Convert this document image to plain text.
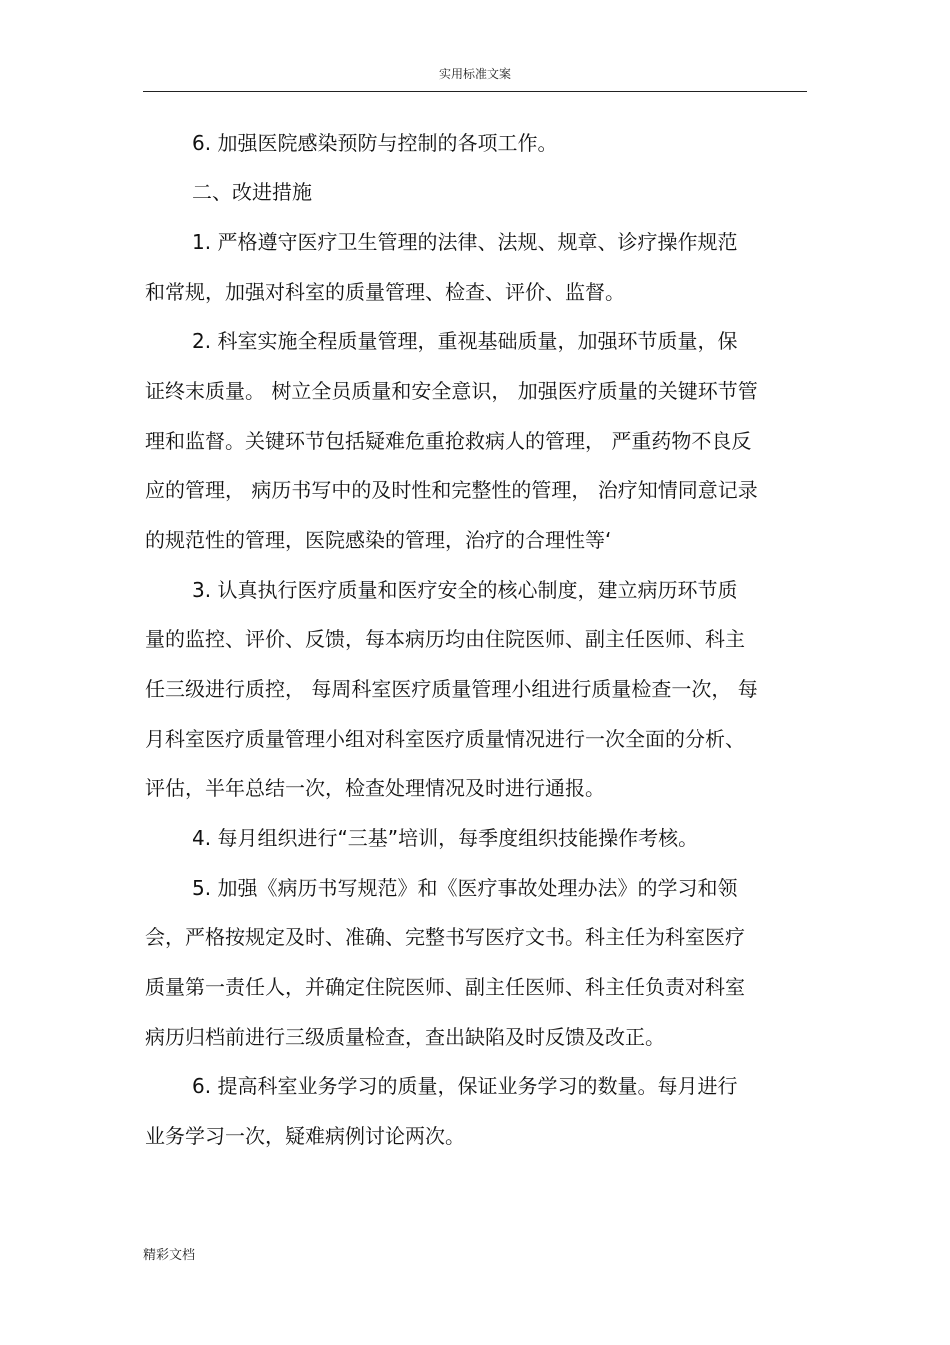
实用标准文案
6. 加强医院感染预防与控制的各项工作。
二、改进措施
1. 严格遵守医疗卫生管理的法律、法规、规章、诊疗操作规范
和常规，加强对科室的质量管理、检查、评价、监督。
2. 科室实施全程质量管理，重视基础质量，加强环节质量，保
证终末质量。 树立全员质量和安全意识， 加强医疗质量的关键环节管
理和监督。关键环节包括疑难危重抢救病人的管理， 严重药物不良反
应的管理， 病历书写中的及时性和完整性的管理， 治疗知情同意记录
的规范性的管理，医院感染的管理，治疗的合理性等‘
3. 认真执行医疗质量和医疗安全的核心制度，建立病历环节质
量的监控、评价、反馈，每本病历均由住院医师、副主任医师、科主
任三级进行质控， 每周科室医疗质量管理小组进行质量检查一次， 每
月科室医疗质量管理小组对科室医疗质量情况进行一次全面的分析、
评估，半年总结一次，检查处理情况及时进行通报。
4. 每月组织进行“三基”培训，每季度组织技能操作考核。
5. 加强《病历书写规范》和《医疗事故处理办法》的学习和领
会，严格按规定及时、准确、完整书写医疗文书。科主任为科室医疗
质量第一责任人，并确定住院医师、副主任医师、科主任负责对科室
病历归档前进行三级质量检查，查出缺陷及时反馈及改正。
6. 提高科室业务学习的质量，保证业务学习的数量。每月进行
业务学习一次，疑难病例讨论两次。
精彩文档
